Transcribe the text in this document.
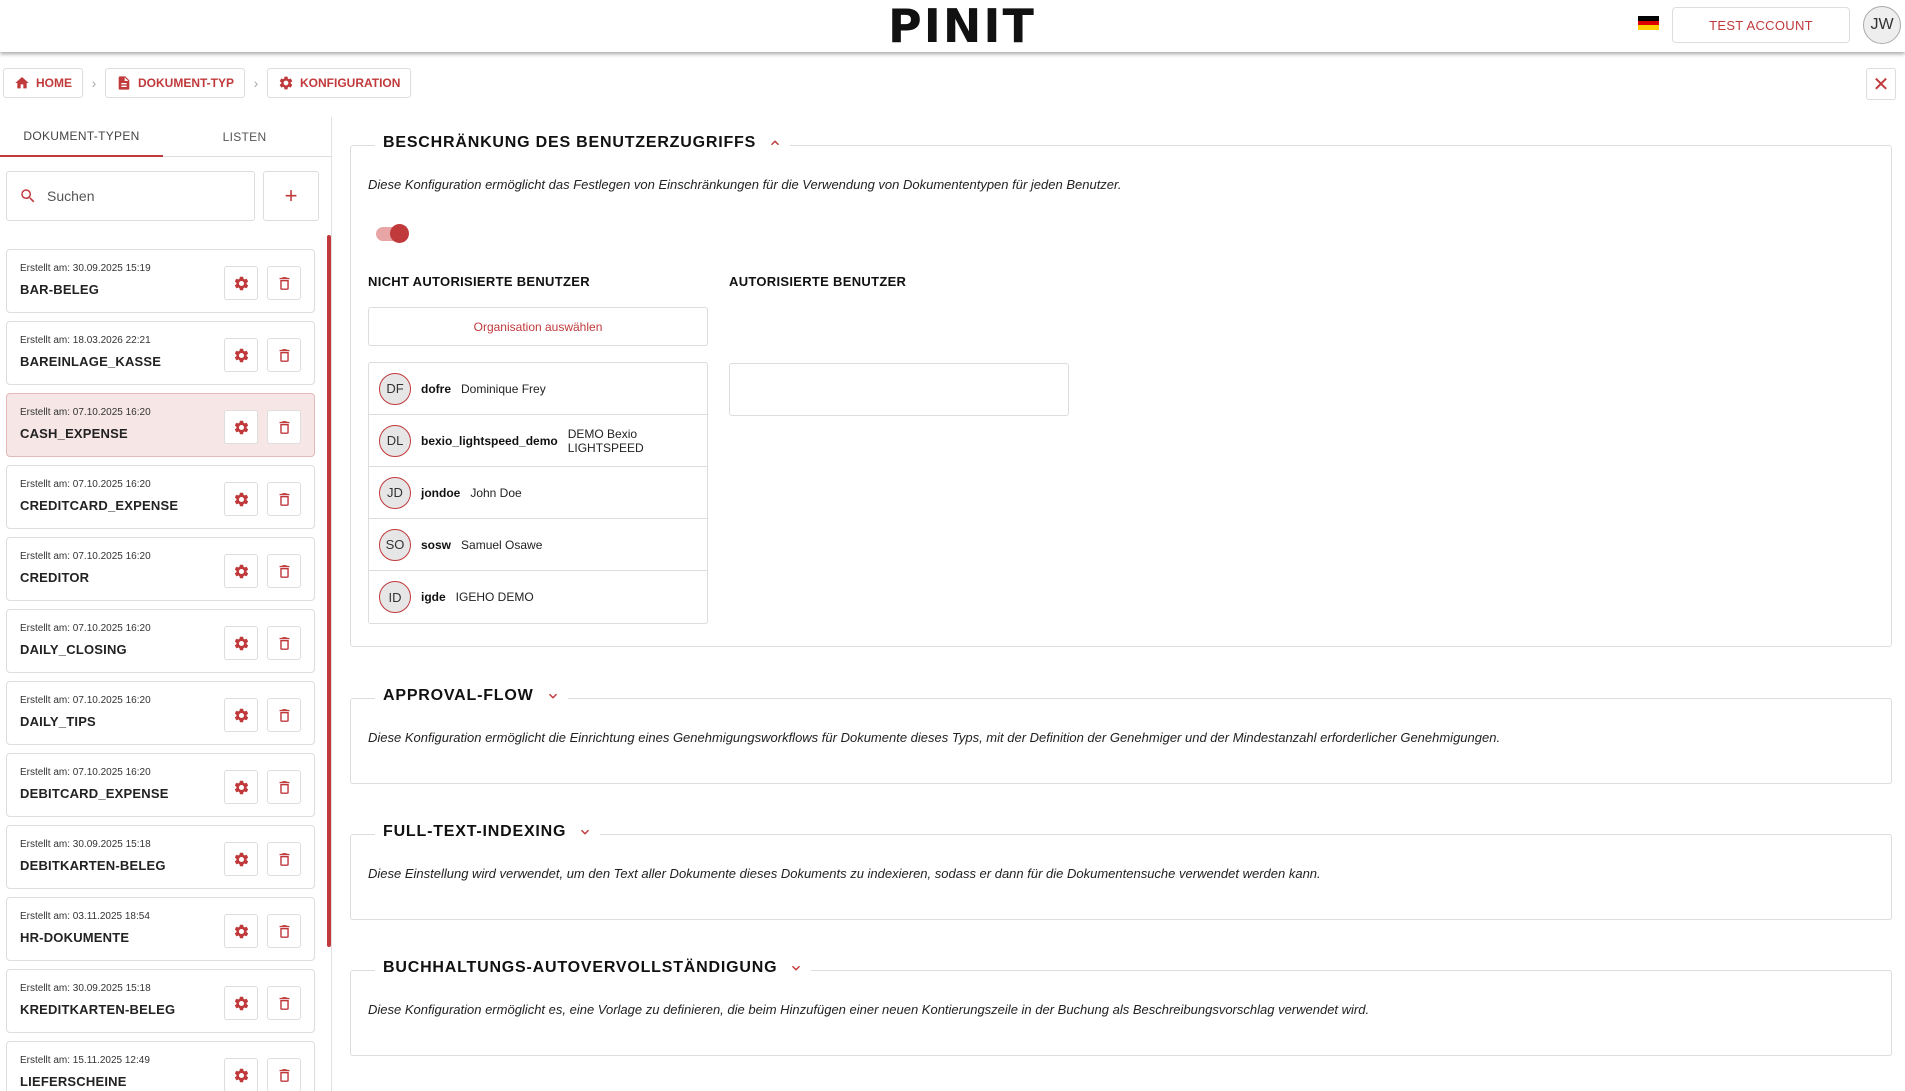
PINIT	TEST ACCOUNT	JW
HOME	›	DOKUMENT-TYP	›	KONFIGURATION	✕
DOKUMENT-TYPEN	LISTEN
Suchen
+
Erstellt am: 30.09.2025 15:19
BAR-BELEG
Erstellt am: 18.03.2026 22:21
BAREINLAGE_KASSE
Erstellt am: 07.10.2025 16:20
CASH_EXPENSE
Erstellt am: 07.10.2025 16:20
CREDITCARD_EXPENSE
Erstellt am: 07.10.2025 16:20
CREDITOR
Erstellt am: 07.10.2025 16:20
DAILY_CLOSING
Erstellt am: 07.10.2025 16:20
DAILY_TIPS
Erstellt am: 07.10.2025 16:20
DEBITCARD_EXPENSE
Erstellt am: 30.09.2025 15:18
DEBITKARTEN-BELEG
Erstellt am: 03.11.2025 18:54
HR-DOKUMENTE
Erstellt am: 30.09.2025 15:18
KREDITKARTEN-BELEG
Erstellt am: 15.11.2025 12:49
LIEFERSCHEINE
BESCHRÄNKUNG DES BENUTZERZUGRIFFS
Diese Konfiguration ermöglicht das Festlegen von Einschränkungen für die Verwendung von Dokumententypen für jeden Benutzer.
NICHT AUTORISIERTE BENUTZER	AUTORISIERTE BENUTZER
Organisation auswählen
DF	dofre Dominique Frey
DL	bexio_lightspeed_demo DEMO Bexio LIGHTSPEED
JD	jondoe John Doe
SO	sosw Samuel Osawe
ID	igde IGEHO DEMO
APPROVAL-FLOW
Diese Konfiguration ermöglicht die Einrichtung eines Genehmigungsworkflows für Dokumente dieses Typs, mit der Definition der Genehmiger und der Mindestanzahl erforderlicher Genehmigungen.
FULL-TEXT-INDEXING
Diese Einstellung wird verwendet, um den Text aller Dokumente dieses Dokuments zu indexieren, sodass er dann für die Dokumentensuche verwendet werden kann.
BUCHHALTUNGS-AUTOVERVOLLSTÄNDIGUNG
Diese Konfiguration ermöglicht es, eine Vorlage zu definieren, die beim Hinzufügen einer neuen Kontierungszeile in der Buchung als Beschreibungsvorschlag verwendet wird.
